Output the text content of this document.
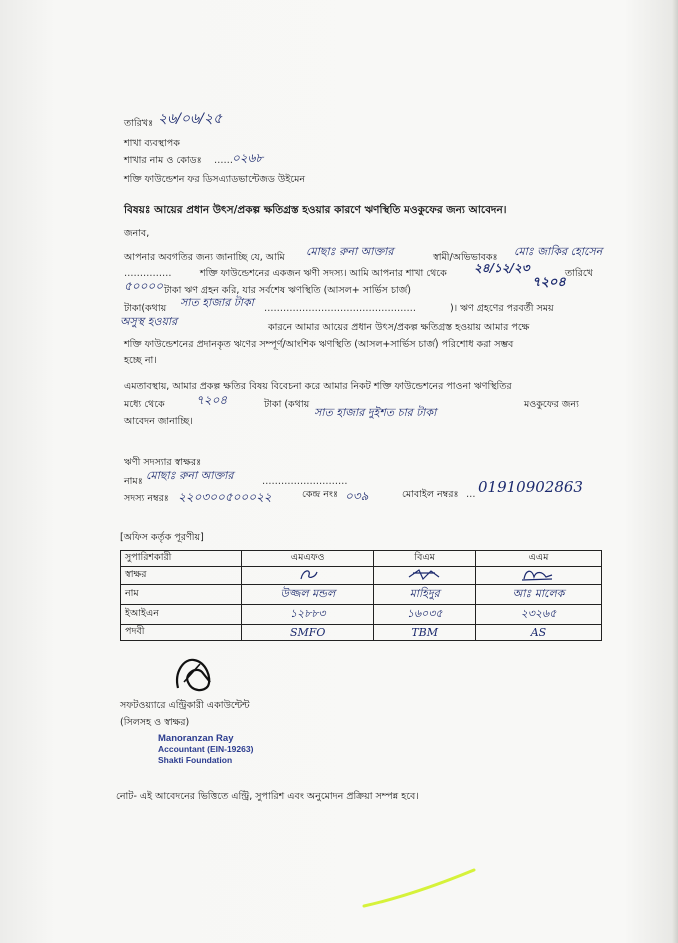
তারিখঃ ২৬/০৬/২৫
শাখা ব্যবস্থাপক
শাখার নাম ও কোডঃ …… ০২৬৮
শক্তি ফাউন্ডেশন ফর ডিসএ্যাডভান্টেজড উইমেন
বিষয়ঃ আয়ের প্রধান উৎস/প্রকল্প ক্ষতিগ্রস্ত হওয়ার কারণে ঋণস্থিতি মওকুফের জন্য আবেদন।
জনাব,
আপনার অবগতির জন্য জানাচ্ছি যে, আমি মোছাঃ রুনা আক্তার	স্বামী/অভিভাবকঃ মোঃ জাকির হোসেন
……………	শক্তি ফাউন্ডেশনের একজন ঋণী সদস্য। আমি আপনার শাখা থেকে ২৪/১২/২৩	তারিখে
৫০০০০ টাকা ঋণ গ্রহন করি, যার সর্বশেষ ঋণস্থিতি (আসল+ সার্ভিস চার্জ)
৭২০৪
টাকা(কথায় সাত হাজার টাকা …………………………………………	)। ঋণ গ্রহণের পরবর্তী সময়
অসুস্থ হওয়ার	কারনে আমার আয়ের প্রধান উৎস/প্রকল্প ক্ষতিগ্রস্ত হওয়ায় আমার পক্ষে
শক্তি ফাউন্ডেশনের প্রদানকৃত ঋণের সম্পূর্ণ/আংশিক ঋণস্থিতি (আসল+সার্ভিস চার্জ) পরিশোধ করা সম্ভব
হচ্ছে না।
এমতাবস্থায়, আমার প্রকল্প ক্ষতির বিষয় বিবেচনা করে আমার নিকট শক্তি ফাউন্ডেশনের পাওনা ঋণস্থিতির
মধ্যে থেকে	৭২০৪	টাকা (কথায়
সাত হাজার দুইশত চার টাকা
মওকুফের জন্য
আবেদন জানাচ্ছি।
ঋণী সদস্যার স্বাক্ষরঃ
নামঃ মোছাঃ রুনা আক্তার	………………………
সদস্য নম্বরঃ ২২০৩০০৫০০০২২	কেন্দ্র নংঃ ০৩৯	মোবাইল নম্বরঃ … 01910902863
[অফিস কর্তৃক পূরণীয়]
সুপারিশকারী	এমএফও	বিএম	এএম
স্বাক্ষর			
নাম	উজ্জল মন্ডল	মাহিদুর	আঃ মালেক
ইআইএন	১২৮৮৩	১৬০৩৫	২৩২৬৫
পদবী	SMFO	TBM	AS
সফটওয়্যারে এন্ট্রিকারী একাউন্টেন্ট
(সিলসহ ও স্বাক্ষর)
Manoranzan Ray
Accountant (EIN-19263)
Shakti Foundation
নোট- এই আবেদনের ভিত্তিতে এন্ট্রি, সুপারিশ এবং অনুমোদন প্রক্রিয়া সম্পন্ন হবে।
